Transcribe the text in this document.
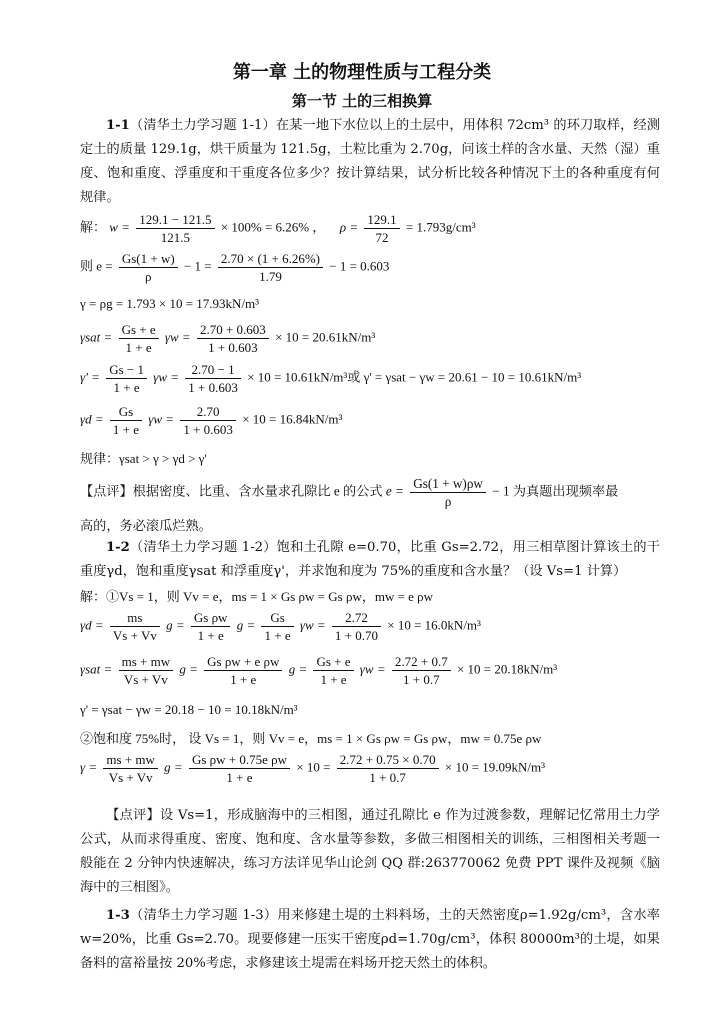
第一章 土的物理性质与工程分类
第一节 土的三相换算

1-1（清华土力学习题 1-1）在某一地下水位以上的土层中，用体积 72cm³ 的环刀取样，经测定土的质量 129.1g，烘干质量为 121.5g，土粒比重为 2.70g，问该土样的含水量、天然（湿）重度、饱和重度、浮重度和干重度各位多少？按计算结果，试分析比较各种情况下土的各种重度有何规律。

解： $w = \frac{129.1 - 121.5}{121.5} \times 100\% = 6.26\%$ ， $\rho = \frac{129.1}{72} = 1.793g/cm^3$
则 $e = \frac{Gs(1 + w)}{\rho} - 1 = \frac{2.70 \times (1 + 6.26\%)}{1.79} - 1 = 0.603$
γ = ρg = 1.793 × 10 = 17.93kN/m³
$\gamma sat = \frac{Gs + e}{1 + e}$ $\gamma w = \frac{2.70 + 0.603}{1 + 0.603} \times 10 = 20.61kN/m^3$
$\gamma' = \frac{Gs - 1}{1 + e}$ $\gamma w = \frac{2.70 - 1}{1 + 0.603} \times 10 = 10.61kN/m^3$或 γ' = γsat − γw = 20.61 − 10 = 10.61kN/m³
$\gamma d = \frac{Gs}{1 + e}$ $\gamma w = \frac{2.70}{1 + 0.603} \times 10 = 16.84kN/m^3$
规律：γsat > γ > γd > γ'
【点评】根据密度、比重、含水量求孔隙比 e 的公式 $e = \frac{Gs(1 + w)\rho w}{\rho} - 1$ 为真题出现频率最
高的，务必滚瓜烂熟。

1-2（清华土力学习题 1-2）饱和土孔隙 e=0.70，比重 Gs=2.72，用三相草图计算该土的干重度γd，饱和重度γsat 和浮重度γ'，并求饱和度为 75%的重度和含水量？（设 Vs=1 计算）

解：①Vs = 1，则 Vv = e，ms = 1 × Gs ρw = Gs ρw，mw = e ρw
$\gamma d = \frac{ms}{Vs + Vv}$ $g = \frac{\text{Gs ρw}}{1 + e}$ $g = \frac{Gs}{1 + e}$ $\gamma w = \frac{2.72}{1 + 0.70} \times 10 = 16.0kN/m^3$
$\gamma sat = \frac{ms + mw}{Vs + Vv}$ $g = \frac{\text{Gs ρw + e ρw}}{1 + e}$ $g = \frac{Gs + e}{1 + e}$ $\gamma w = \frac{2.72 + 0.7}{1 + 0.7} \times 10 = 20.18kN/m^3$
γ' = γsat − γw = 20.18 − 10 = 10.18kN/m³
②饱和度 75%时， 设 Vs = 1，则 Vv = e，ms = 1 × Gs ρw = Gs ρw，mw = 0.75e ρw
$\gamma = \frac{ms + mw}{Vs + Vv}$ $g = \frac{\text{Gs ρw + 0.75e ρw}}{1 + e} \times 10 = \frac{2.72 + 0.75 \times 0.70}{1 + 0.7} \times 10 = 19.09kN/m^3$

【点评】设 Vs=1，形成脑海中的三相图，通过孔隙比 e 作为过渡参数，理解记忆常用土力学公式，从而求得重度、密度、饱和度、含水量等参数，多做三相图相关的训练，三相图相关考题一般能在 2 分钟内快速解决，练习方法详见华山论剑 QQ 群:263770062 免费 PPT 课件及视频《脑海中的三相图》。

1-3（清华土力学习题 1-3）用来修建土堤的土料料场，土的天然密度ρ=1.92g/cm³，含水率 w=20%，比重 Gs=2.70。现要修建一压实干密度ρd=1.70g/cm³，体积 80000m³的土堤，如果备料的富裕量按 20%考虑，求修建该土堤需在料场开挖天然土的体积。
